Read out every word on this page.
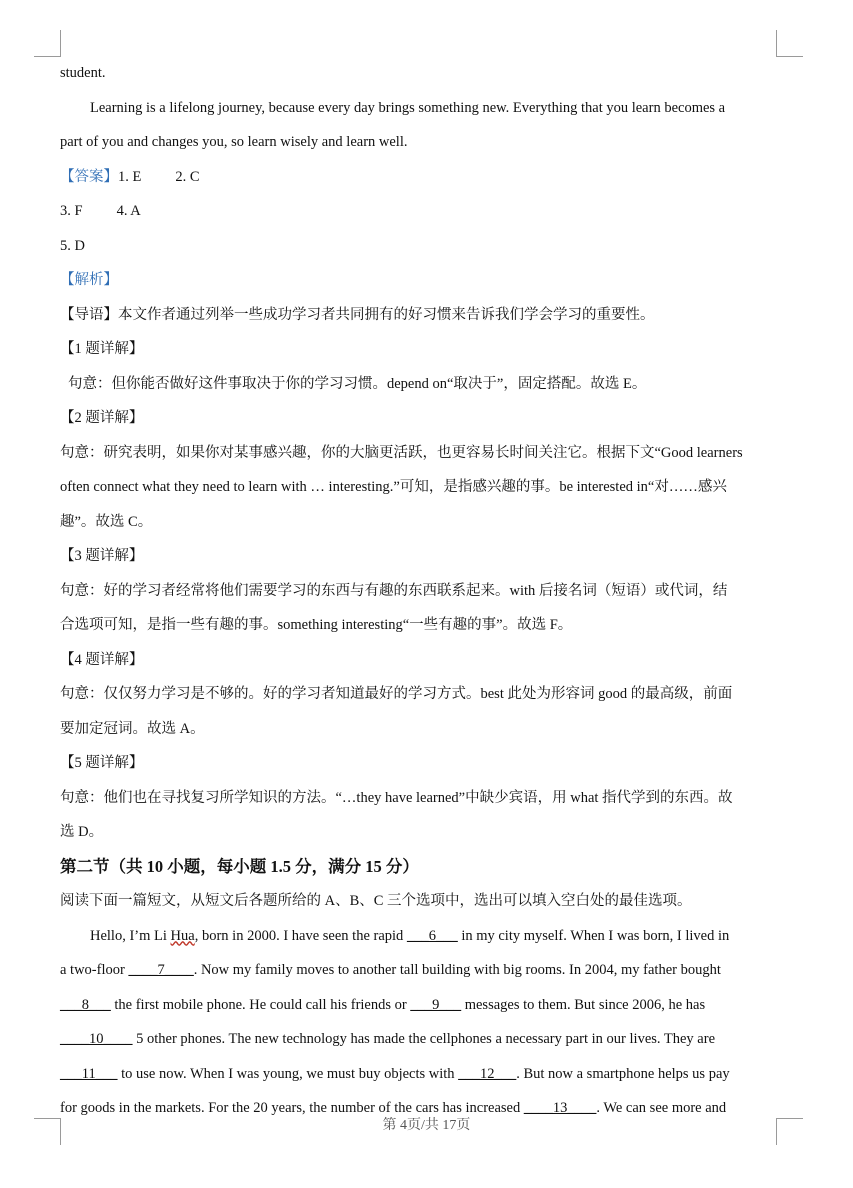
student.
Learning is a lifelong journey, because every day brings something new. Everything that you learn becomes a
part of you and changes you, so learn wisely and learn well.
【答案】1. E 2. C
3. F 4. A
5. D
【解析】
【导语】本文作者通过列举一些成功学习者共同拥有的好习惯来告诉我们学会学习的重要性。
【1 题详解】
句意：但你能否做好这件事取决于你的学习习惯。depend on“取决于”，固定搭配。故选 E。
【2 题详解】
句意：研究表明，如果你对某事感兴趣，你的大脑更活跃，也更容易长时间关注它。根据下文“Good learners
often connect what they need to learn with … interesting.”可知，是指感兴趣的事。be interested in“对……感兴
趣”。故选 C。
【3 题详解】
句意：好的学习者经常将他们需要学习的东西与有趣的东西联系起来。with 后接名词（短语）或代词，结
合选项可知，是指一些有趣的事。something interesting“一些有趣的事”。故选 F。
【4 题详解】
句意：仅仅努力学习是不够的。好的学习者知道最好的学习方式。best 此处为形容词 good 的最高级，前面
要加定冠词。故选 A。
【5 题详解】
句意：他们也在寻找复习所学知识的方法。“…they have learned”中缺少宾语，用 what 指代学到的东西。故
选 D。
第二节（共 10 小题，每小题 1.5 分，满分 15 分）
阅读下面一篇短文，从短文后各题所给的 A、B、C 三个选项中，选出可以填入空白处的最佳选项。
Hello, I’m Li Hua, born in 2000. I have seen the rapid ___6___ in my city myself. When I was born, I lived in
a two-floor ____7____. Now my family moves to another tall building with big rooms. In 2004, my father bought
___8___ the first mobile phone. He could call his friends or ___9___ messages to them. But since 2006, he has
____10____ 5 other phones. The new technology has made the cellphones a necessary part in our lives. They are
___11___ to use now. When I was young, we must buy objects with ___12___. But now a smartphone helps us pay
for goods in the markets. For the 20 years, the number of the cars has increased ____13____. We can see more and
第 4页/共 17页
